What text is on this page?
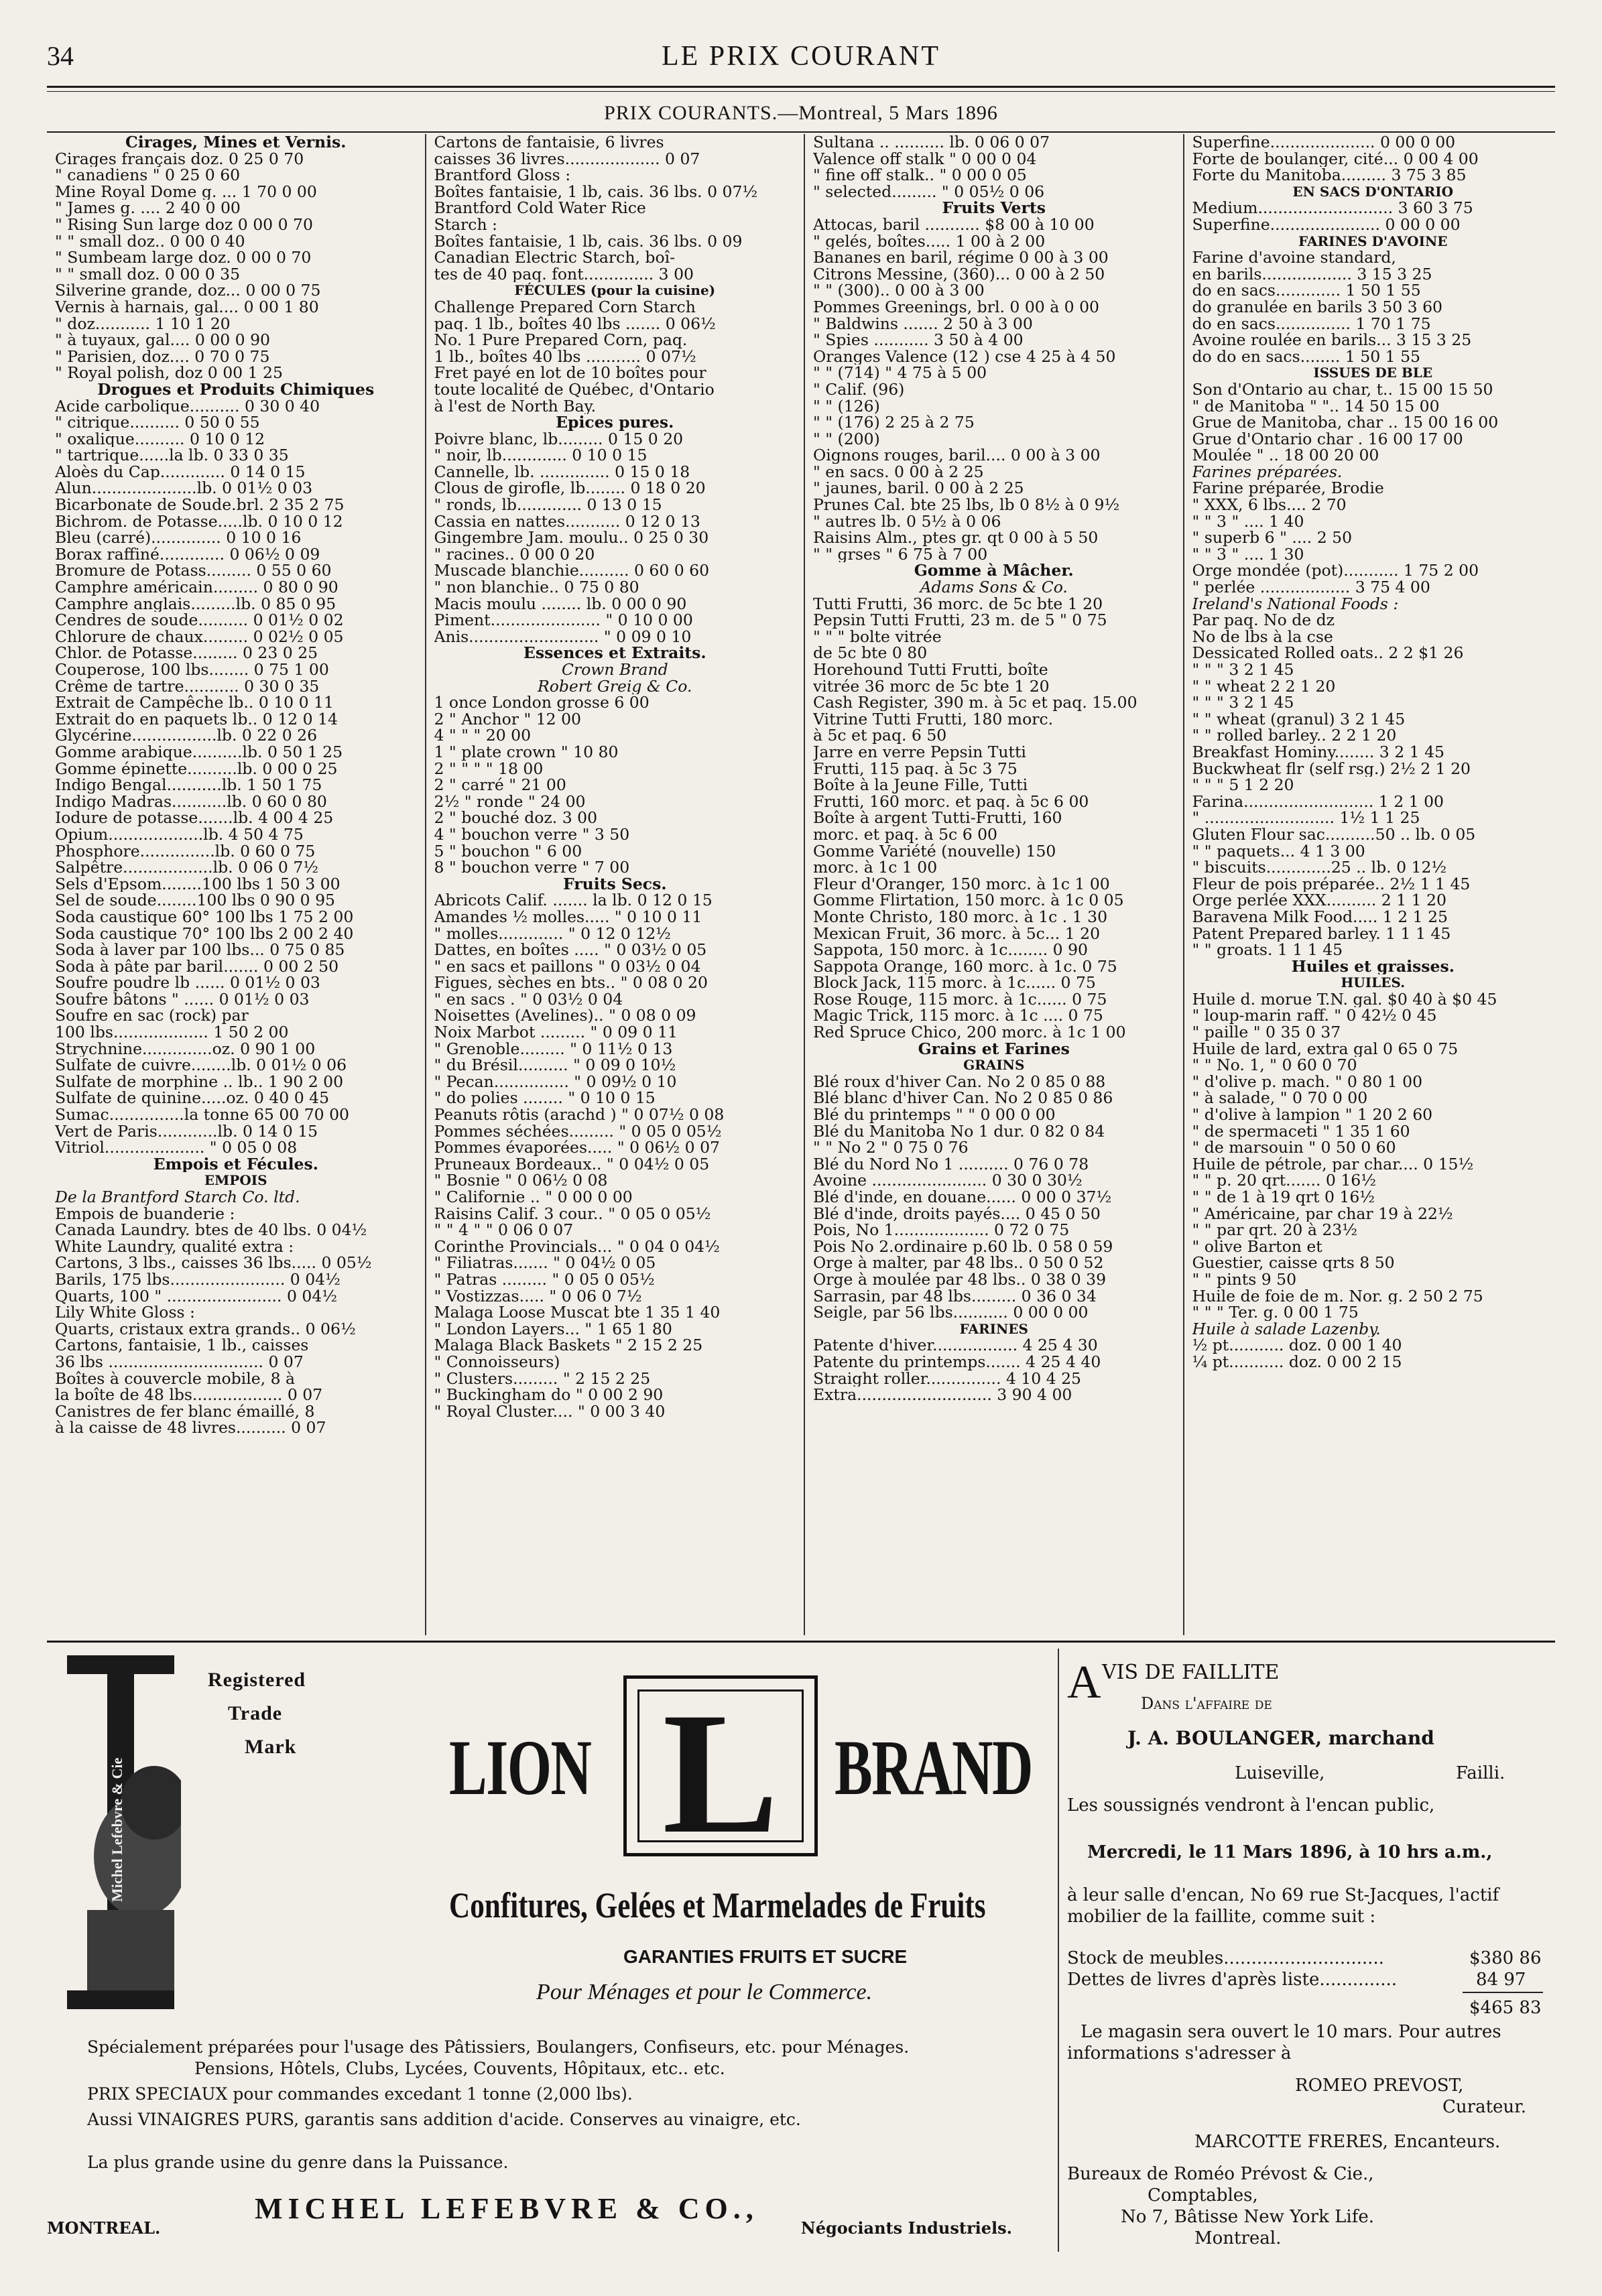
34	LE PRIX COURANT
PRIX COURANTS.—Montreal, 5 Mars 1896
Cirages, Mines et Vernis.
Cirages français doz. 0 25 0 70
" canadiens " 0 25 0 60
Mine Royal Dome g. ... 1 70 0 00
" James g. .... 2 40 0 00
" Rising Sun large doz 0 00 0 70
" " small doz.. 0 00 0 40
" Sumbeam large doz. 0 00 0 70
" " small doz. 0 00 0 35
Silverine grande, doz... 0 00 0 75
Vernis à harnais, gal.... 0 00 1 80
" doz........... 1 10 1 20
" à tuyaux, gal.... 0 00 0 90
" Parisien, doz.... 0 70 0 75
" Royal polish, doz 0 00 1 25
Drogues et Produits Chimiques
Acide carbolique.......... 0 30 0 40
" citrique.......... 0 50 0 55
" oxalique.......... 0 10 0 12
" tartrique......la lb. 0 33 0 35
Aloès du Cap............. 0 14 0 15
Alun.....................lb. 0 01½ 0 03
Bicarbonate de Soude.brl. 2 35 2 75
Bichrom. de Potasse.....lb. 0 10 0 12
Bleu (carré).............. 0 10 0 16
Borax raffiné............. 0 06½ 0 09
Bromure de Potass......... 0 55 0 60
Camphre américain......... 0 80 0 90
Camphre anglais.........lb. 0 85 0 95
Cendres de soude.......... 0 01½ 0 02
Chlorure de chaux......... 0 02½ 0 05
Chlor. de Potasse......... 0 23 0 25
Couperose, 100 lbs........ 0 75 1 00
Crême de tartre........... 0 30 0 35
Extrait de Campêche lb.. 0 10 0 11
Extrait do en paquets lb.. 0 12 0 14
Glycérine.................lb. 0 22 0 26
Gomme arabique..........lb. 0 50 1 25
Gomme épinette..........lb. 0 00 0 25
Indigo Bengal...........lb. 1 50 1 75
Indigo Madras...........lb. 0 60 0 80
Iodure de potasse.......lb. 4 00 4 25
Opium...................lb. 4 50 4 75
Phosphore...............lb. 0 60 0 75
Salpêtre..................lb. 0 06 0 7½
Sels d'Epsom........100 lbs 1 50 3 00
Sel de soude........100 lbs 0 90 0 95
Soda caustique 60° 100 lbs 1 75 2 00
Soda caustique 70° 100 lbs 2 00 2 40
Soda à laver par 100 lbs... 0 75 0 85
Soda à pâte par baril....... 0 00 2 50
Soufre poudre lb ...... 0 01½ 0 03
Soufre bâtons " ...... 0 01½ 0 03
Soufre en sac (rock) par
100 lbs................... 1 50 2 00
Strychnine..............oz. 0 90 1 00
Sulfate de cuivre........lb. 0 01½ 0 06
Sulfate de morphine .. lb.. 1 90 2 00
Sulfate de quinine.....oz. 0 40 0 45
Sumac...............la tonne 65 00 70 00
Vert de Paris............lb. 0 14 0 15
Vitriol.................... " 0 05 0 08
Empois et Fécules.
EMPOIS
De la Brantford Starch Co. ltd.
Empois de buanderie :
Canada Laundry. btes de 40 lbs. 0 04½
White Laundry, qualité extra :
Cartons, 3 lbs., caisses 36 lbs..... 0 05½
Barils, 175 lbs....................... 0 04½
Quarts, 100 " ....................... 0 04½
Lily White Gloss :
Quarts, cristaux extra grands.. 0 06½
Cartons, fantaisie, 1 lb., caisses
36 lbs ............................... 0 07
Boîtes à couvercle mobile, 8 à
la boîte de 48 lbs.................. 0 07
Canistres de fer blanc émaillé, 8
à la caisse de 48 livres.......... 0 07
Cartons de fantaisie, 6 livres
caisses 36 livres................... 0 07
Brantford Gloss :
Boîtes fantaisie, 1 lb, cais. 36 lbs. 0 07½
Brantford Cold Water Rice
Starch :
Boîtes fantaisie, 1 lb, cais. 36 lbs. 0 09
Canadian Electric Starch, boî-
tes de 40 paq. font.............. 3 00
FÉCULES (pour la cuisine)
Challenge Prepared Corn Starch
paq. 1 lb., boîtes 40 lbs ....... 0 06½
No. 1 Pure Prepared Corn, paq.
1 lb., boîtes 40 lbs ........... 0 07½
Fret payé en lot de 10 boîtes pour
toute localité de Québec, d'Ontario
à l'est de North Bay.
Epices pures.
Poivre blanc, lb......... 0 15 0 20
" noir, lb............. 0 10 0 15
Cannelle, lb. .............. 0 15 0 18
Clous de girofle, lb........ 0 18 0 20
" ronds, lb............. 0 13 0 15
Cassia en nattes........... 0 12 0 13
Gingembre Jam. moulu.. 0 25 0 30
" racines.. 0 00 0 20
Muscade blanchie.......... 0 60 0 60
" non blanchie.. 0 75 0 80
Macis moulu ........ lb. 0 00 0 90
Piment...................... " 0 10 0 00
Anis.......................... " 0 09 0 10
Essences et Extraits.
Crown Brand
Robert Greig & Co.
1 once London grosse 6 00
2 " Anchor " 12 00
4 " " " 20 00
1 " plate crown " 10 80
2 " " " " 18 00
2 " carré " 21 00
2½ " ronde " 24 00
2 " bouché doz. 3 00
4 " bouchon verre " 3 50
5 " bouchon " 6 00
8 " bouchon verre " 7 00
Fruits Secs.
Abricots Calif. ....... la lb. 0 12 0 15
Amandes ½ molles..... " 0 10 0 11
" molles............. " 0 12 0 12½
Dattes, en boîtes ..... " 0 03½ 0 05
" en sacs et paillons " 0 03½ 0 04
Figues, sèches en bts.. " 0 08 0 20
" en sacs . " 0 03½ 0 04
Noisettes (Avelines).. " 0 08 0 09
Noix Marbot ......... " 0 09 0 11
" Grenoble......... " 0 11½ 0 13
" du Brésil.......... " 0 09 0 10½
" Pecan............... " 0 09½ 0 10
" do polies ........ " 0 10 0 15
Peanuts rôtis (arachd ) " 0 07½ 0 08
Pommes séchées......... " 0 05 0 05½
Pommes évaporées..... " 0 06½ 0 07
Pruneaux Bordeaux.. " 0 04½ 0 05
" Bosnie " 0 06½ 0 08
" Californie .. " 0 00 0 00
Raisins Calif. 3 cour.. " 0 05 0 05½
" " 4 " " 0 06 0 07
Corinthe Provincials... " 0 04 0 04½
" Filiatras....... " 0 04½ 0 05
" Patras ......... " 0 05 0 05½
" Vostizzas..... " 0 06 0 7½
Malaga Loose Muscat bte 1 35 1 40
" London Layers... " 1 65 1 80
Malaga Black Baskets " 2 15 2 25
" Connoisseurs)
" Clusters......... " 2 15 2 25
" Buckingham do " 0 00 2 90
" Royal Cluster.... " 0 00 3 40
Sultana .. .......... lb. 0 06 0 07
Valence off stalk " 0 00 0 04
" fine off stalk.. " 0 00 0 05
" selected......... " 0 05½ 0 06
Fruits Verts
Attocas, baril ........... $8 00 à 10 00
" gelés, boîtes..... 1 00 à 2 00
Bananes en baril, régime 0 00 à 3 00
Citrons Messine, (360)... 0 00 à 2 50
" " (300).. 0 00 à 3 00
Pommes Greenings, brl. 0 00 à 0 00
" Baldwins ....... 2 50 à 3 00
" Spies ........... 3 50 à 4 00
Oranges Valence (12 ) cse 4 25 à 4 50
" " (714) " 4 75 à 5 00
" Calif. (96)
" " (126)
" " (176) 2 25 à 2 75
" " (200)
Oignons rouges, baril.... 0 00 à 3 00
" en sacs. 0 00 à 2 25
" jaunes, baril. 0 00 à 2 25
Prunes Cal. bte 25 lbs, lb 0 8½ à 0 9½
" autres lb. 0 5½ à 0 06
Raisins Alm., ptes gr. qt 0 00 à 5 50
" " grses " 6 75 à 7 00
Gomme à Mâcher.
Adams Sons & Co.
Tutti Frutti, 36 morc. de 5c bte 1 20
Pepsin Tutti Frutti, 23 m. de 5 " 0 75
" " " bolte vitrée
de 5c bte 0 80
Horehound Tutti Frutti, boîte
vitrée 36 morc de 5c bte 1 20
Cash Register, 390 m. à 5c et paq. 15.00
Vitrine Tutti Frutti, 180 morc.
à 5c et paq. 6 50
Jarre en verre Pepsin Tutti
Frutti, 115 paq. à 5c 3 75
Boîte à la Jeune Fille, Tutti
Frutti, 160 morc. et paq. à 5c 6 00
Boîte à argent Tutti-Frutti, 160
morc. et paq. à 5c 6 00
Gomme Variété (nouvelle) 150
morc. à 1c 1 00
Fleur d'Oranger, 150 morc. à 1c 1 00
Gomme Flirtation, 150 morc. à 1c 0 05
Monte Christo, 180 morc. à 1c . 1 30
Mexican Fruit, 36 morc. à 5c... 1 20
Sappota, 150 morc. à 1c........ 0 90
Sappota Orange, 160 morc. à 1c. 0 75
Block Jack, 115 morc. à 1c...... 0 75
Rose Rouge, 115 morc. à 1c...... 0 75
Magic Trick, 115 morc. à 1c .... 0 75
Red Spruce Chico, 200 morc. à 1c 1 00
Grains et Farines
GRAINS
Blé roux d'hiver Can. No 2 0 85 0 88
Blé blanc d'hiver Can. No 2 0 85 0 86
Blé du printemps " " 0 00 0 00
Blé du Manitoba No 1 dur. 0 82 0 84
" " No 2 " 0 75 0 76
Blé du Nord No 1 .......... 0 76 0 78
Avoine ....................... 0 30 0 30½
Blé d'inde, en douane...... 0 00 0 37½
Blé d'inde, droits payés.... 0 45 0 50
Pois, No 1................... 0 72 0 75
Pois No 2.ordinaire p.60 lb. 0 58 0 59
Orge à malter, par 48 lbs.. 0 50 0 52
Orge à moulée par 48 lbs.. 0 38 0 39
Sarrasin, par 48 lbs......... 0 36 0 34
Seigle, par 56 lbs........... 0 00 0 00
FARINES
Patente d'hiver................. 4 25 4 30
Patente du printemps....... 4 25 4 40
Straight roller............... 4 10 4 25
Extra........................... 3 90 4 00
Superfine..................... 0 00 0 00
Forte de boulanger, cité... 0 00 4 00
Forte du Manitoba......... 3 75 3 85
EN SACS D'ONTARIO
Medium........................... 3 60 3 75
Superfine...................... 0 00 0 00
FARINES D'AVOINE
Farine d'avoine standard,
en barils.................. 3 15 3 25
do en sacs............. 1 50 1 55
do granulée en barils 3 50 3 60
do en sacs............... 1 70 1 75
Avoine roulée en barils... 3 15 3 25
do do en sacs........ 1 50 1 55
ISSUES DE BLE
Son d'Ontario au char, t.. 15 00 15 50
" de Manitoba " ".. 14 50 15 00
Grue de Manitoba, char .. 15 00 16 00
Grue d'Ontario char . 16 00 17 00
Moulée " .. 18 00 20 00
Farines préparées.
Farine préparée, Brodie
" XXX, 6 lbs.... 2 70
" " 3 " .... 1 40
" superb 6 " .... 2 50
" " 3 " .... 1 30
Orge mondée (pot)........... 1 75 2 00
" perlée .................. 3 75 4 00
Ireland's National Foods :
Par paq. No de dz
No de lbs à la cse
Dessicated Rolled oats.. 2 2 $1 26
" " " 3 2 1 45
" " wheat 2 2 1 20
" " " 3 2 1 45
" " wheat (granul) 3 2 1 45
" " rolled barley.. 2 2 1 20
Breakfast Hominy........ 3 2 1 45
Buckwheat flr (self rsg.) 2½ 2 1 20
" " " 5 1 2 20
Farina.......................... 1 2 1 00
" .......................... 1½ 1 1 25
Gluten Flour sac..........50 .. lb. 0 05
" " paquets... 4 1 3 00
" biscuits.............25 .. lb. 0 12½
Fleur de pois préparée.. 2½ 1 1 45
Orge perlée XXX.......... 2 1 1 20
Baravena Milk Food..... 1 2 1 25
Patent Prepared barley. 1 1 1 45
" " groats. 1 1 1 45
Huiles et graisses.
HUILES.
Huile d. morue T.N. gal. $0 40 à $0 45
" loup-marin raff. " 0 42½ 0 45
" paille " 0 35 0 37
Huile de lard, extra gal 0 65 0 75
" " No. 1, " 0 60 0 70
" d'olive p. mach. " 0 80 1 00
" à salade, " 0 70 0 00
" d'olive à lampion " 1 20 2 60
" de spermaceti " 1 35 1 60
" de marsouin " 0 50 0 60
Huile de pétrole, par char.... 0 15½
" " p. 20 qrt....... 0 16½
" " de 1 à 19 qrt 0 16½
" Américaine, par char 19 à 22½
" " par qrt. 20 à 23½
" olive Barton et
Guestier, caisse qrts 8 50
" " pints 9 50
Huile de foie de m. Nor. g. 2 50 2 75
" " " Ter. g. 0 00 1 75
Huile à salade Lazenby.
½ pt........... doz. 0 00 1 40
¼ pt........... doz. 0 00 2 15
Michel Lefebvre & Cie
Registered
Trade
Mark LION L BRAND
Confitures, Gelées et Marmelades de Fruits
GARANTIES FRUITS ET SUCRE
Pour Ménages et pour le Commerce.
Spécialement préparées pour l'usage des Pâtissiers, Boulangers, Confiseurs, etc. pour Ménages.
Pensions, Hôtels, Clubs, Lycées, Couvents, Hôpitaux, etc.. etc.
PRIX SPECIAUX pour commandes excedant 1 tonne (2,000 lbs).
Aussi VINAIGRES PURS, garantis sans addition d'acide. Conserves au vinaigre, etc.
La plus grande usine du genre dans la Puissance.
MICHEL LEFEBVRE & CO.,
MONTREAL.	Négociants Industriels.
A VIS DE FAILLITE
Dans l'affaire de
J. A. BOULANGER, marchand
Luiseville,	Failli.
Les soussignés vendront à l'encan public,
Mercredi, le 11 Mars 1896, à 10 hrs a.m.,
à leur salle d'encan, No 69 rue St-Jacques, l'actif
mobilier de la faillite, comme suit :
Stock de meubles.............................	$380 86
Dettes de livres d'après liste..............	84 97
$465 83
Le magasin sera ouvert le 10 mars. Pour autres
informations s'adresser à
ROMEO PREVOST,
Curateur.
MARCOTTE FRERES, Encanteurs.
Bureaux de Roméo Prévost & Cie.,
Comptables,
No 7, Bâtisse New York Life.
Montreal.
